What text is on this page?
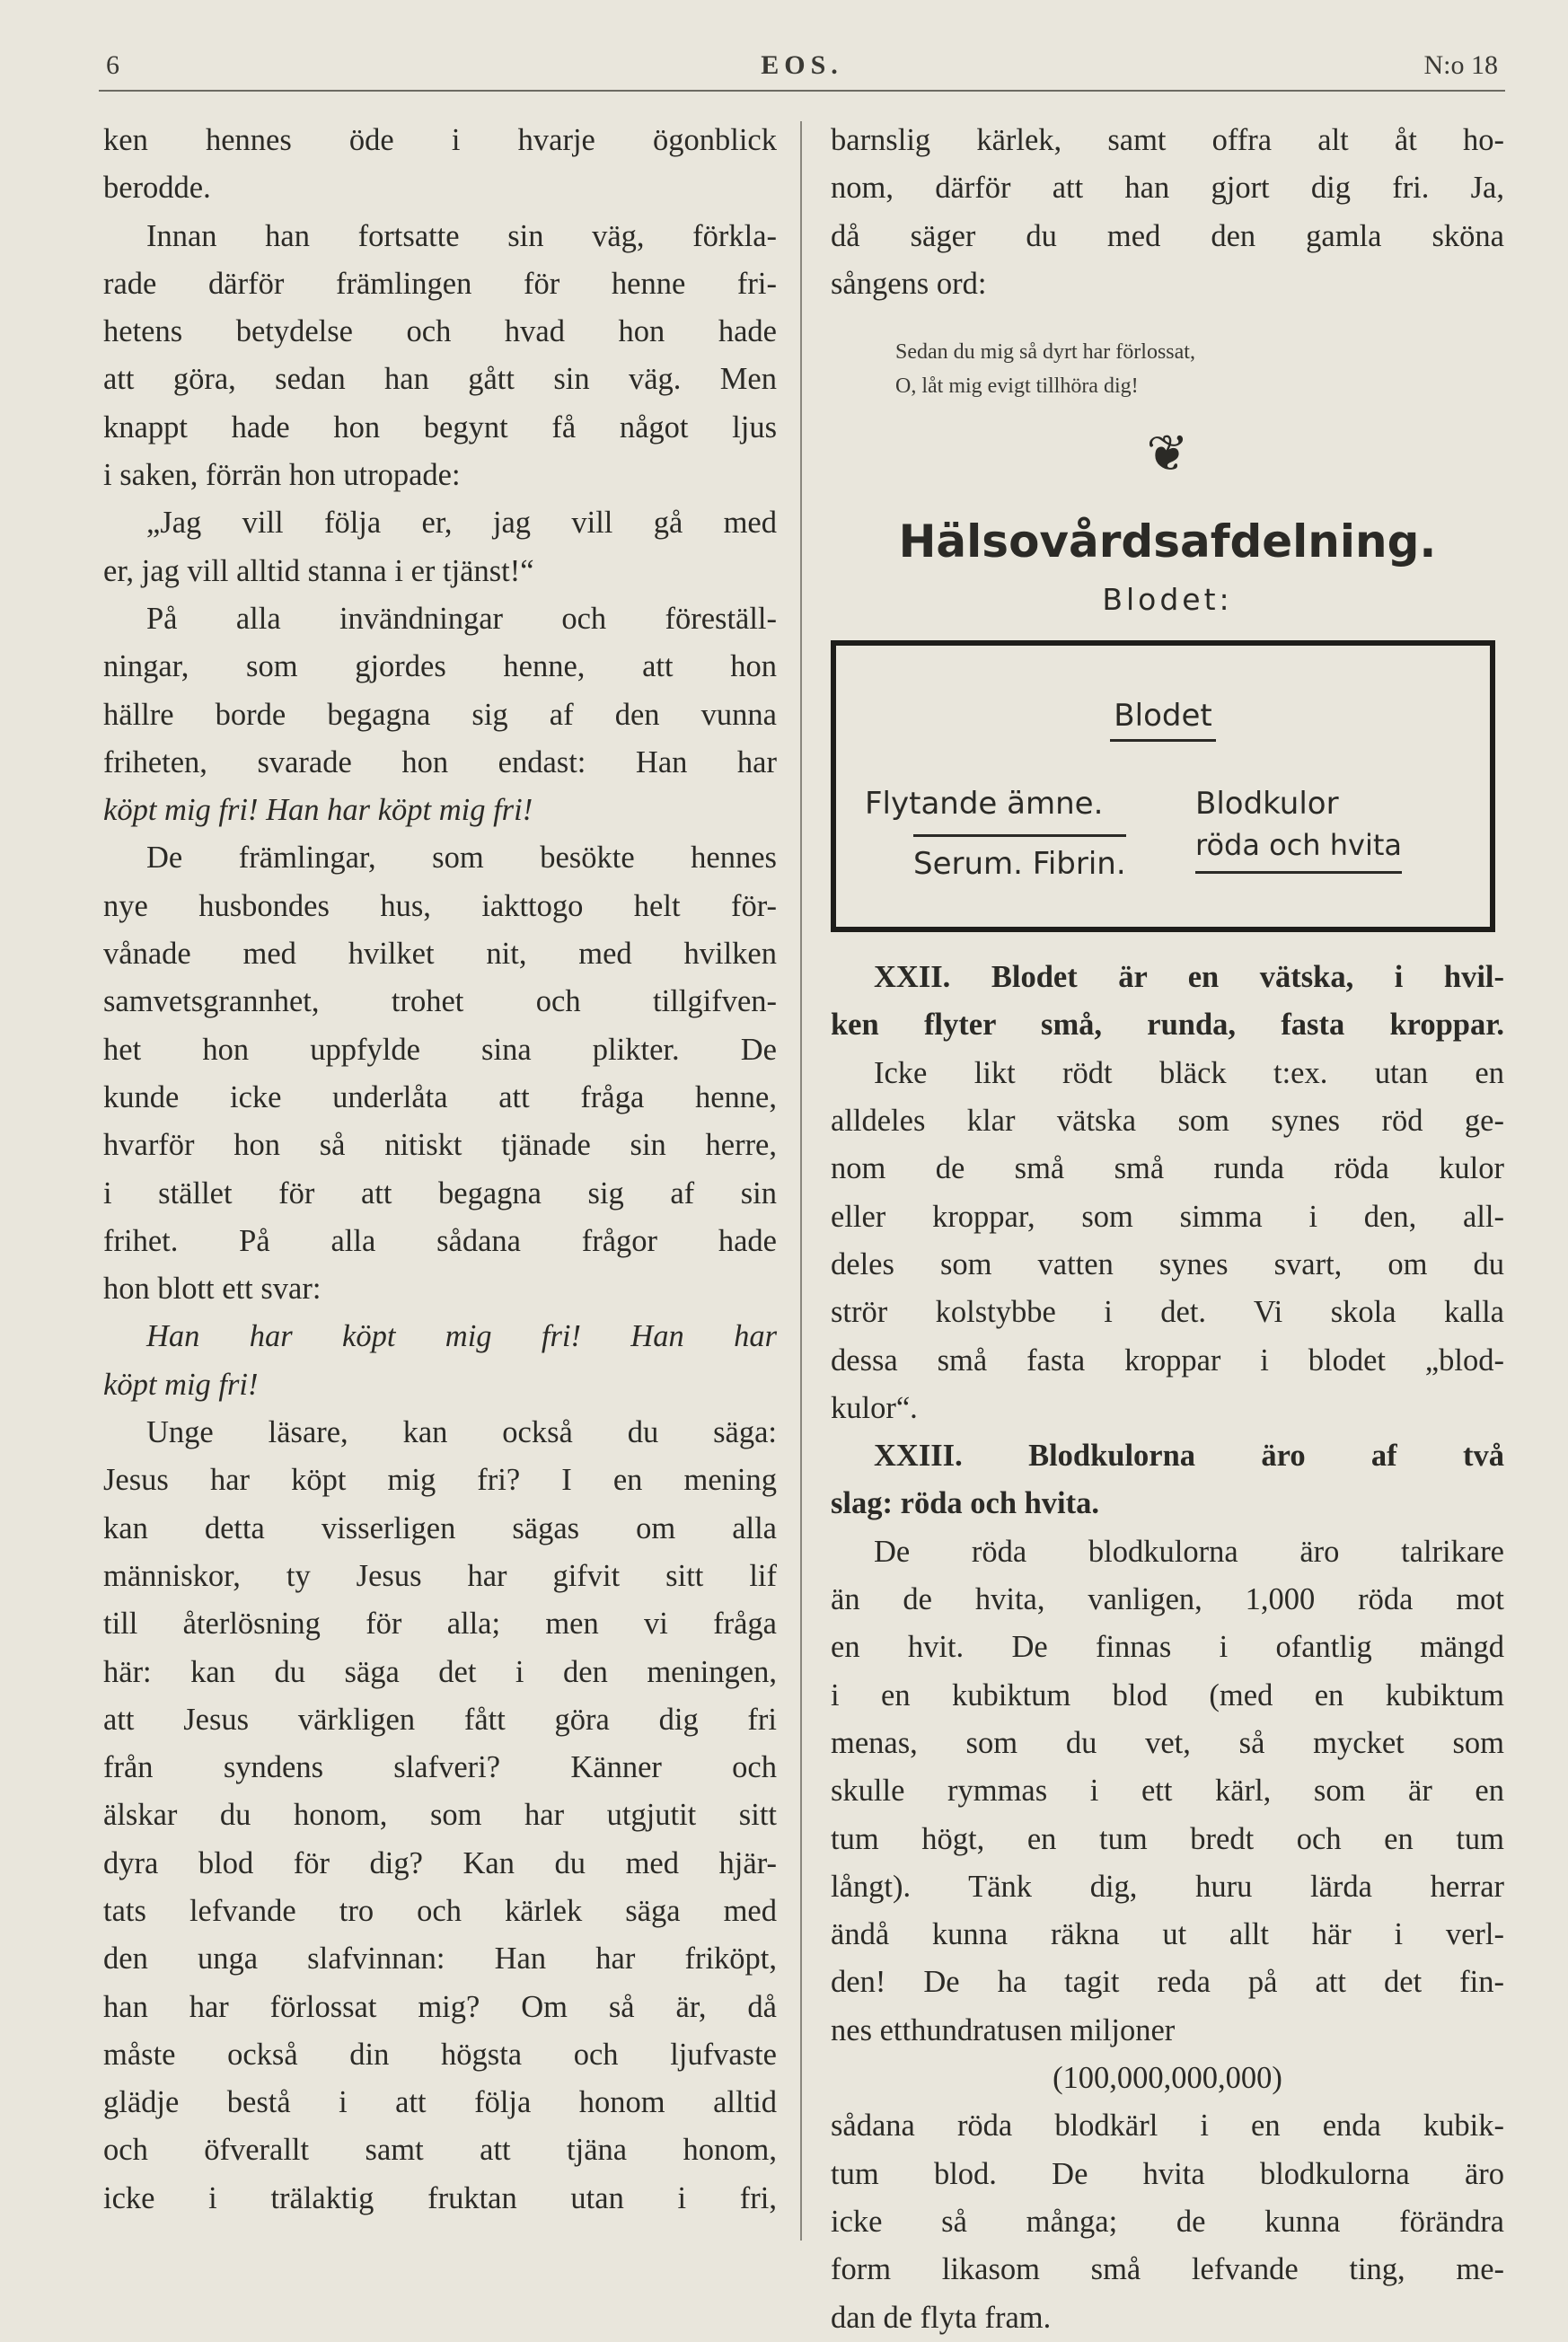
6	EOS.	N:o 18
ken hennes öde i hvarje ögonblick
berodde.
Innan han fortsatte sin väg, förkla-
rade därför främlingen för henne fri-
hetens betydelse och hvad hon hade
att göra, sedan han gått sin väg. Men
knappt hade hon begynt få något ljus
i saken, förrän hon utropade:
„Jag vill följa er, jag vill gå med
er, jag vill alltid stanna i er tjänst!“
På alla invändningar och föreställ-
ningar, som gjordes henne, att hon
hällre borde begagna sig af den vunna
friheten, svarade hon endast: Han har
köpt mig fri! Han har köpt mig fri!
De främlingar, som besökte hennes
nye husbondes hus, iakttogo helt för-
vånade med hvilket nit, med hvilken
samvetsgrannhet, trohet och tillgifven-
het hon uppfylde sina plikter. De
kunde icke underlåta att fråga henne,
hvarför hon så nitiskt tjänade sin herre,
i stället för att begagna sig af sin
frihet. På alla sådana frågor hade
hon blott ett svar:
Han har köpt mig fri! Han har
köpt mig fri!
Unge läsare, kan också du säga:
Jesus har köpt mig fri? I en mening
kan detta visserligen sägas om alla
människor, ty Jesus har gifvit sitt lif
till återlösning för alla; men vi fråga
här: kan du säga det i den meningen,
att Jesus värkligen fått göra dig fri
från syndens slafveri? Känner och
älskar du honom, som har utgjutit sitt
dyra blod för dig? Kan du med hjär-
tats lefvande tro och kärlek säga med
den unga slafvinnan: Han har friköpt,
han har förlossat mig? Om så är, då
måste också din högsta och ljufvaste
glädje bestå i att följa honom alltid
och öfverallt samt att tjäna honom,
icke i trälaktig fruktan utan i fri,
barnslig kärlek, samt offra alt åt ho-
nom, därför att han gjort dig fri. Ja,
då säger du med den gamla sköna
sångens ord:
Sedan du mig så dyrt har förlossat,
O, låt mig evigt tillhöra dig!
❦
Hälsovårdsafdelning.
Blodet:
Blodet
Flytande ämne.	Blodkulor
Serum. Fibrin.
röda och hvita
XXII. Blodet är en vätska, i hvil-
ken flyter små, runda, fasta kroppar.
Icke likt rödt bläck t:ex. utan en
alldeles klar vätska som synes röd ge-
nom de små små runda röda kulor
eller kroppar, som simma i den, all-
deles som vatten synes svart, om du
strör kolstybbe i det. Vi skola kalla
dessa små fasta kroppar i blodet „blod-
kulor“.
XXIII. Blodkulorna äro af två
slag: röda och hvita.
De röda blodkulorna äro talrikare
än de hvita, vanligen, 1,000 röda mot
en hvit. De finnas i ofantlig mängd
i en kubiktum blod (med en kubiktum
menas, som du vet, så mycket som
skulle rymmas i ett kärl, som är en
tum högt, en tum bredt och en tum
långt). Tänk dig, huru lärda herrar
ändå kunna räkna ut allt här i verl-
den! De ha tagit reda på att det fin-
nes etthundratusen miljoner
(100,000,000,000)
sådana röda blodkärl i en enda kubik-
tum blod. De hvita blodkulorna äro
icke så många; de kunna förändra
form likasom små lefvande ting, me-
dan de flyta fram.
